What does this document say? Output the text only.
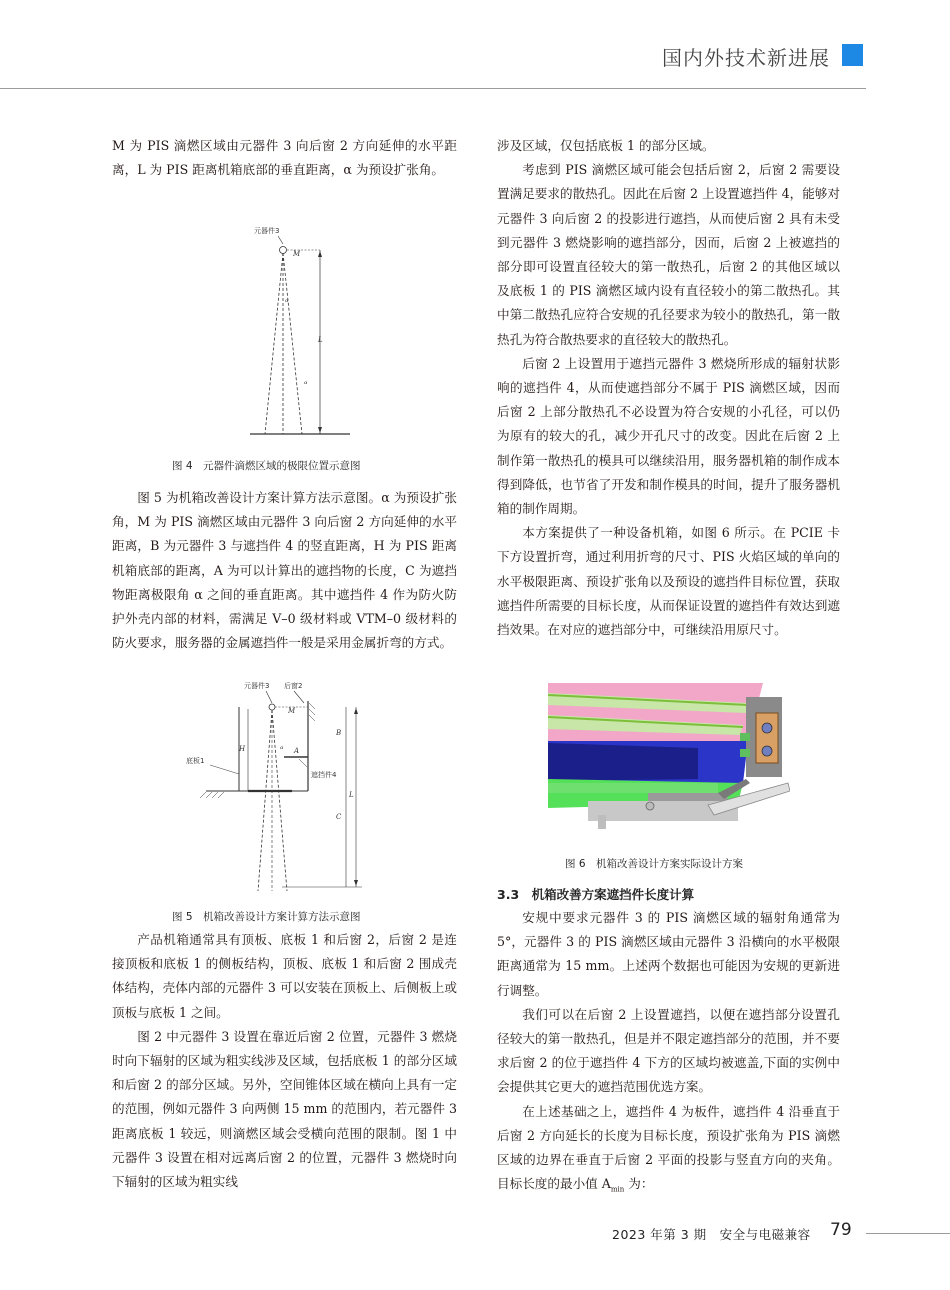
国内外技术新进展

M 为 PIS 滴燃区域由元器件 3 向后窗 2 方向延伸的水平距离，L 为 PIS 距离机箱底部的垂直距离，α 为预设扩张角。

元器件3
M
L
α
α
图 4　元器件滴燃区域的极限位置示意图

图 5 为机箱改善设计方案计算方法示意图。α 为预设扩张角，M 为 PIS 滴燃区域由元器件 3 向后窗 2 方向延伸的水平距离，B 为元器件 3 与遮挡件 4 的竖直距离，H 为 PIS 距离机箱底部的距离，A 为可以计算出的遮挡物的长度，C 为遮挡物距离极限角 α 之间的垂直距离。其中遮挡件 4 作为防火防护外壳内部的材料，需满足 V–0 级材料或 VTM–0 级材料的防火要求，服务器的金属遮挡件一般是采用金属折弯的方式。

元器件3 后窗2
M
A
遮挡件4
底板1
H
B
L
C
α
图 5　机箱改善设计方案计算方法示意图

产品机箱通常具有顶板、底板 1 和后窗 2，后窗 2 是连接顶板和底板 1 的侧板结构，顶板、底板 1 和后窗 2 围成壳体结构，壳体内部的元器件 3 可以安装在顶板上、后侧板上或顶板与底板 1 之间。

图 2 中元器件 3 设置在靠近后窗 2 位置，元器件 3 燃烧时向下辐射的区域为粗实线涉及区域，包括底板 1 的部分区域和后窗 2 的部分区域。另外，空间锥体区域在横向上具有一定的范围，例如元器件 3 向两侧 15 mm 的范围内，若元器件 3 距离底板 1 较远，则滴燃区域会受横向范围的限制。图 1 中元器件 3 设置在相对远离后窗 2 的位置，元器件 3 燃烧时向下辐射的区域为粗实线

涉及区域，仅包括底板 1 的部分区域。

考虑到 PIS 滴燃区域可能会包括后窗 2，后窗 2 需要设置满足要求的散热孔。因此在后窗 2 上设置遮挡件 4，能够对元器件 3 向后窗 2 的投影进行遮挡，从而使后窗 2 具有未受到元器件 3 燃烧影响的遮挡部分，因而，后窗 2 上被遮挡的部分即可设置直径较大的第一散热孔，后窗 2 的其他区域以及底板 1 的 PIS 滴燃区域内设有直径较小的第二散热孔。其中第二散热孔应符合安规的孔径要求为较小的散热孔，第一散热孔为符合散热要求的直径较大的散热孔。

后窗 2 上设置用于遮挡元器件 3 燃烧所形成的辐射状影响的遮挡件 4，从而使遮挡部分不属于 PIS 滴燃区域，因而后窗 2 上部分散热孔不必设置为符合安规的小孔径，可以仍为原有的较大的孔，减少开孔尺寸的改变。因此在后窗 2 上制作第一散热孔的模具可以继续沿用，服务器机箱的制作成本得到降低，也节省了开发和制作模具的时间，提升了服务器机箱的制作周期。

本方案提供了一种设备机箱，如图 6 所示。在 PCIE 卡下方设置折弯，通过利用折弯的尺寸、PIS 火焰区域的单向的水平极限距离、预设扩张角以及预设的遮挡件目标位置，获取遮挡件所需要的目标长度，从而保证设置的遮挡件有效达到遮挡效果。在对应的遮挡部分中，可继续沿用原尺寸。

图 6　机箱改善设计方案实际设计方案
3.3　机箱改善方案遮挡件长度计算

安规中要求元器件 3 的 PIS 滴燃区域的辐射角通常为 5°，元器件 3 的 PIS 滴燃区域由元器件 3 沿横向的水平极限距离通常为 15 mm。上述两个数据也可能因为安规的更新进行调整。

我们可以在后窗 2 上设置遮挡，以便在遮挡部分设置孔径较大的第一散热孔，但是并不限定遮挡部分的范围，并不要求后窗 2 的位于遮挡件 4 下方的区域均被遮盖,下面的实例中会提供其它更大的遮挡范围优选方案。

在上述基础之上，遮挡件 4 为板件，遮挡件 4 沿垂直于后窗 2 方向延长的长度为目标长度，预设扩张角为 PIS 滴燃区域的边界在垂直于后窗 2 平面的投影与竖直方向的夹角。目标长度的最小值 $A_{min}$ 为：

2023 年第 3 期　安全与电磁兼容 79
